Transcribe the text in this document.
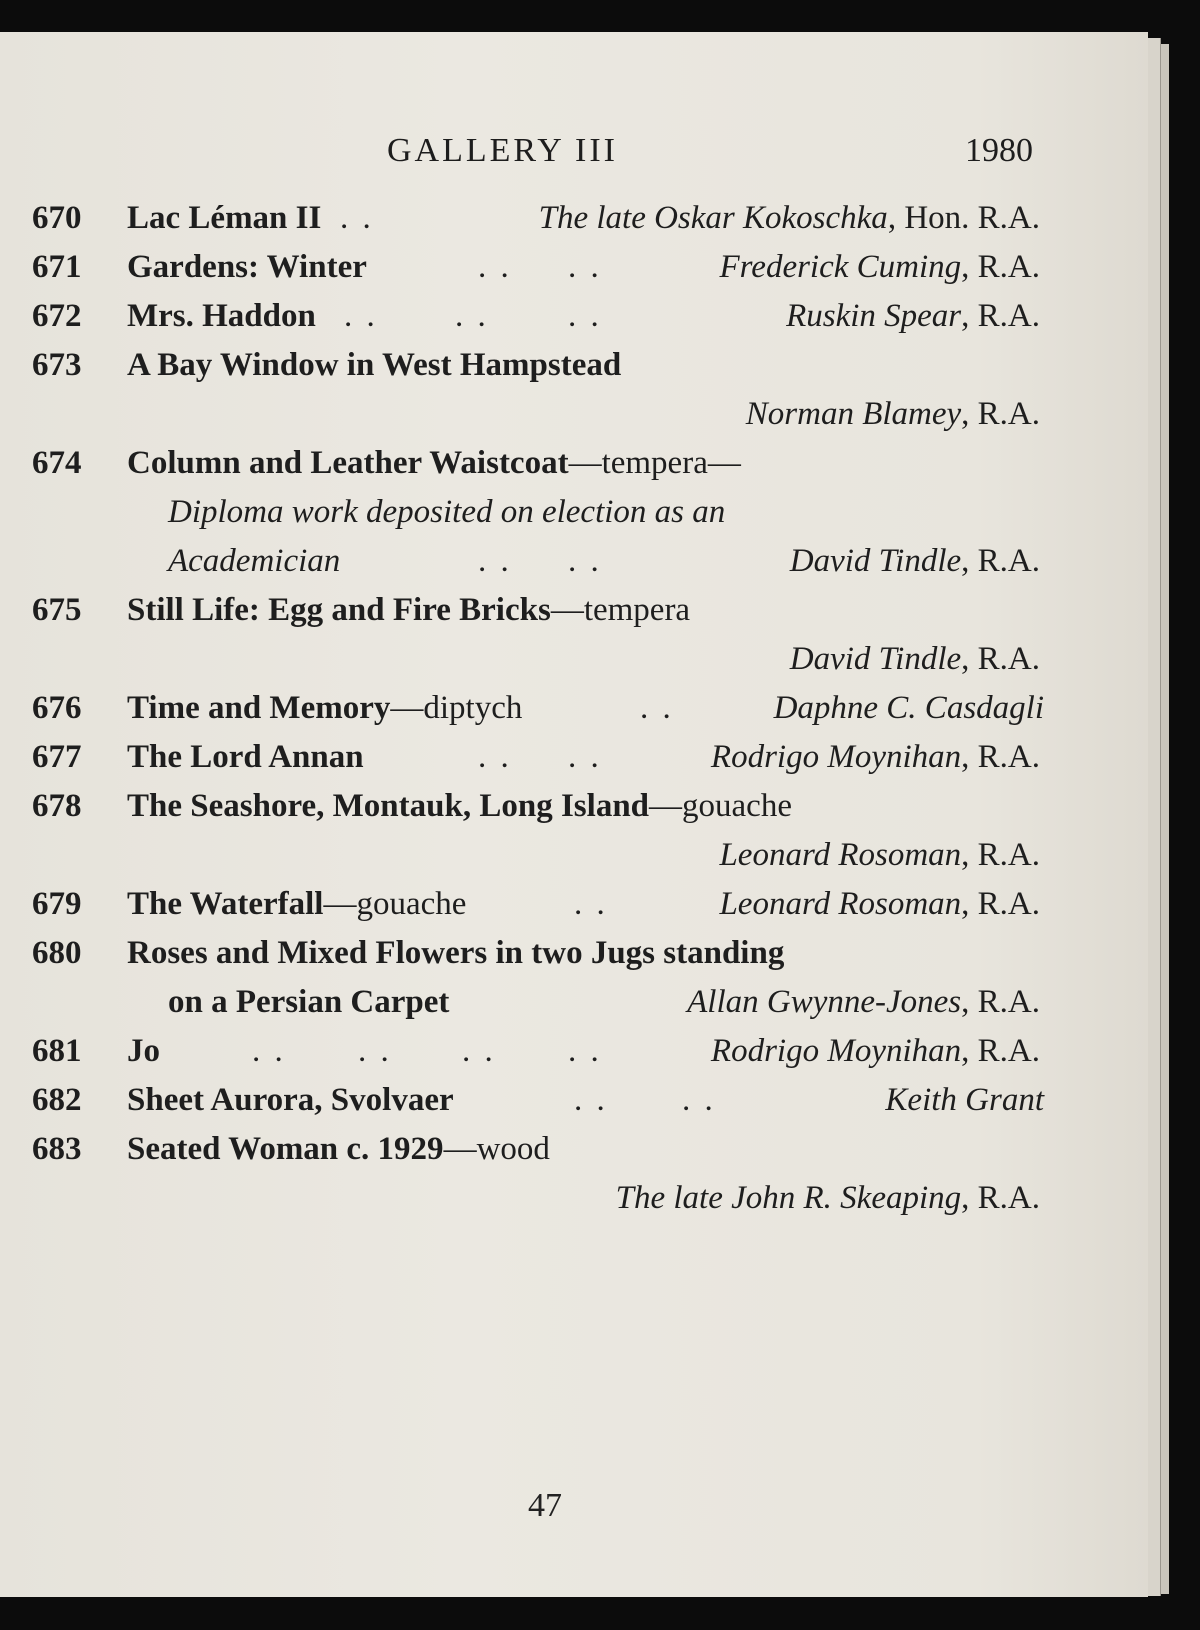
GALLERY III	1980
670 Lac Léman II . .	The late Oskar Kokoschka, Hon. R.A.
671 Gardens: Winter	. . . .	Frederick Cuming, R.A.
672 Mrs. Haddon . . . . . .	Ruskin Spear, R.A.
673 A Bay Window in West Hampstead
Norman Blamey, R.A.
674 Column and Leather Waistcoat—tempera—
Diploma work deposited on election as an
Academician	. . . .	David Tindle, R.A.
675 Still Life: Egg and Fire Bricks—tempera
David Tindle, R.A.
676 Time and Memory—diptych	. .	Daphne C. Casdagli
677 The Lord Annan	. . . .	Rodrigo Moynihan, R.A.
678 The Seashore, Montauk, Long Island—gouache
Leonard Rosoman, R.A.
679 The Waterfall—gouache	. .	Leonard Rosoman, R.A.
680 Roses and Mixed Flowers in two Jugs standing
on a Persian Carpet	Allan Gwynne-Jones, R.A.
681 Jo	. . . . . . . .	Rodrigo Moynihan, R.A.
682 Sheet Aurora, Svolvaer	. . . .	Keith Grant
683 Seated Woman c. 1929—wood
The late John R. Skeaping, R.A.
47
